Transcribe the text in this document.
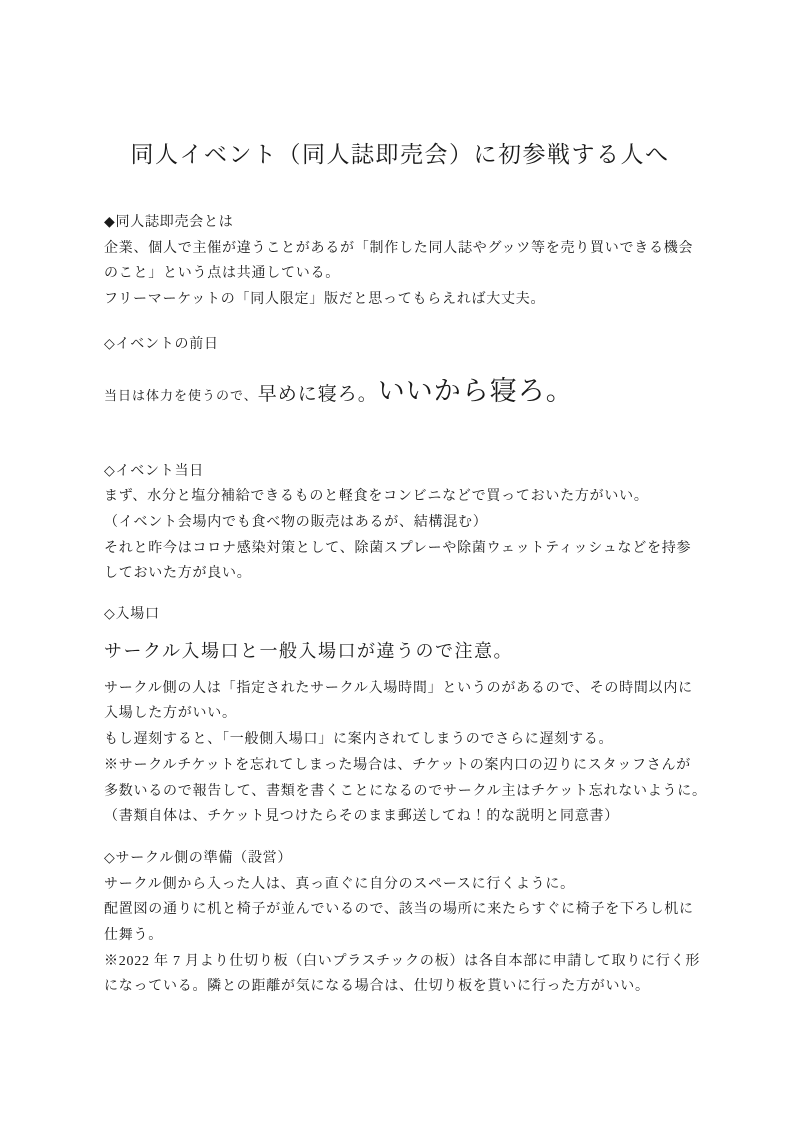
同人イベント（同人誌即売会）に初参戦する人へ
◆同人誌即売会とは
企業、個人で主催が違うことがあるが「制作した同人誌やグッツ等を売り買いできる機会
のこと」という点は共通している。
フリーマーケットの「同人限定」版だと思ってもらえれば大丈夫。
◇イベントの前日
当日は体力を使うので、早めに寝ろ。いいから寝ろ。
◇イベント当日
まず、水分と塩分補給できるものと軽食をコンビニなどで買っておいた方がいい。
（イベント会場内でも食べ物の販売はあるが、結構混む）
それと昨今はコロナ感染対策として、除菌スプレーや除菌ウェットティッシュなどを持参
しておいた方が良い。
◇入場口
サークル入場口と一般入場口が違うので注意。
サークル側の人は「指定されたサークル入場時間」というのがあるので、その時間以内に
入場した方がいい。
もし遅刻すると、「一般側入場口」に案内されてしまうのでさらに遅刻する。
※サークルチケットを忘れてしまった場合は、チケットの案内口の辺りにスタッフさんが
多数いるので報告して、書類を書くことになるのでサークル主はチケット忘れないように。
（書類自体は、チケット見つけたらそのまま郵送してね！的な説明と同意書）
◇サークル側の準備（設営）
サークル側から入った人は、真っ直ぐに自分のスペースに行くように。
配置図の通りに机と椅子が並んでいるので、該当の場所に来たらすぐに椅子を下ろし机に
仕舞う。
※2022 年 7 月より仕切り板（白いプラスチックの板）は各自本部に申請して取りに行く形
になっている。隣との距離が気になる場合は、仕切り板を貰いに行った方がいい。
